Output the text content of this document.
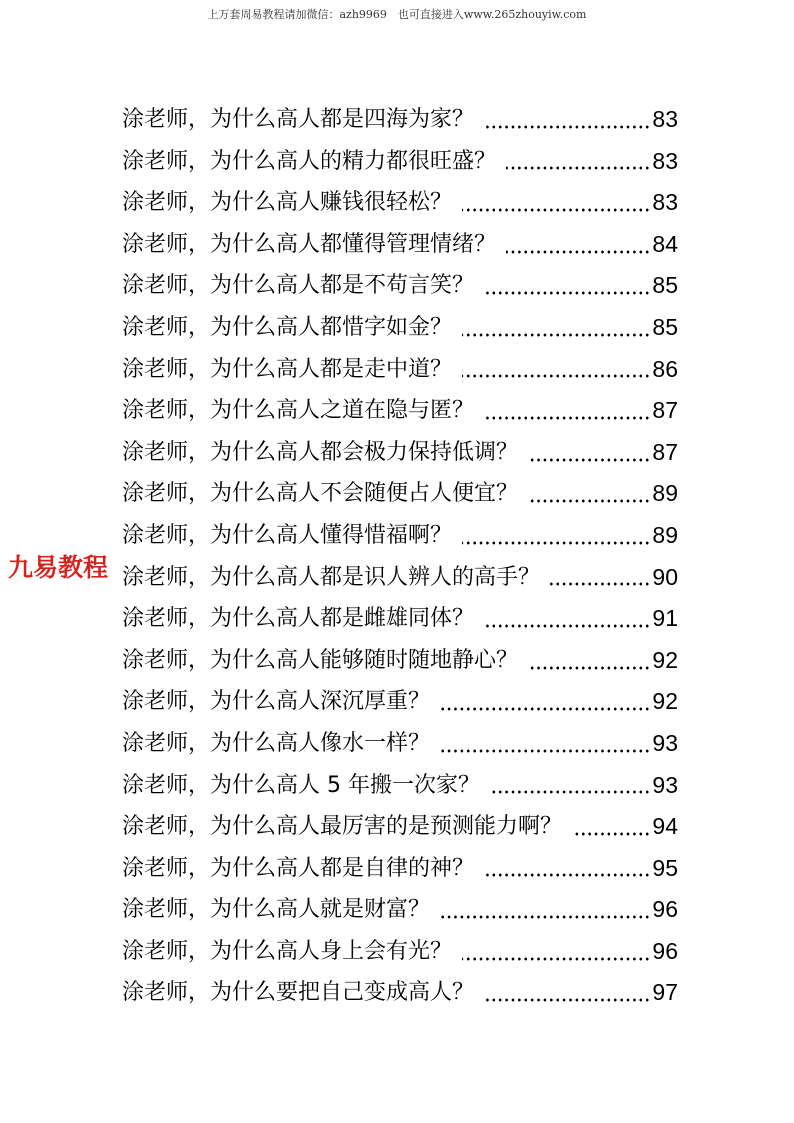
上万套周易教程请加微信：azh9969　也可直接进入www.265zhouyiw.com
九易教程
涂老师，为什么高人都是四海为家？	83
涂老师，为什么高人的精力都很旺盛？	83
涂老师，为什么高人赚钱很轻松？	83
涂老师，为什么高人都懂得管理情绪？	84
涂老师，为什么高人都是不苟言笑？	85
涂老师，为什么高人都惜字如金？	85
涂老师，为什么高人都是走中道？	86
涂老师，为什么高人之道在隐与匿？	87
涂老师，为什么高人都会极力保持低调？	87
涂老师，为什么高人不会随便占人便宜？	89
涂老师，为什么高人懂得惜福啊？	89
涂老师，为什么高人都是识人辨人的高手？	90
涂老师，为什么高人都是雌雄同体？	91
涂老师，为什么高人能够随时随地静心？	92
涂老师，为什么高人深沉厚重？	92
涂老师，为什么高人像水一样？	93
涂老师，为什么高人 5 年搬一次家？	93
涂老师，为什么高人最厉害的是预测能力啊？	94
涂老师，为什么高人都是自律的神？	95
涂老师，为什么高人就是财富？	96
涂老师，为什么高人身上会有光？	96
涂老师，为什么要把自己变成高人？	97
